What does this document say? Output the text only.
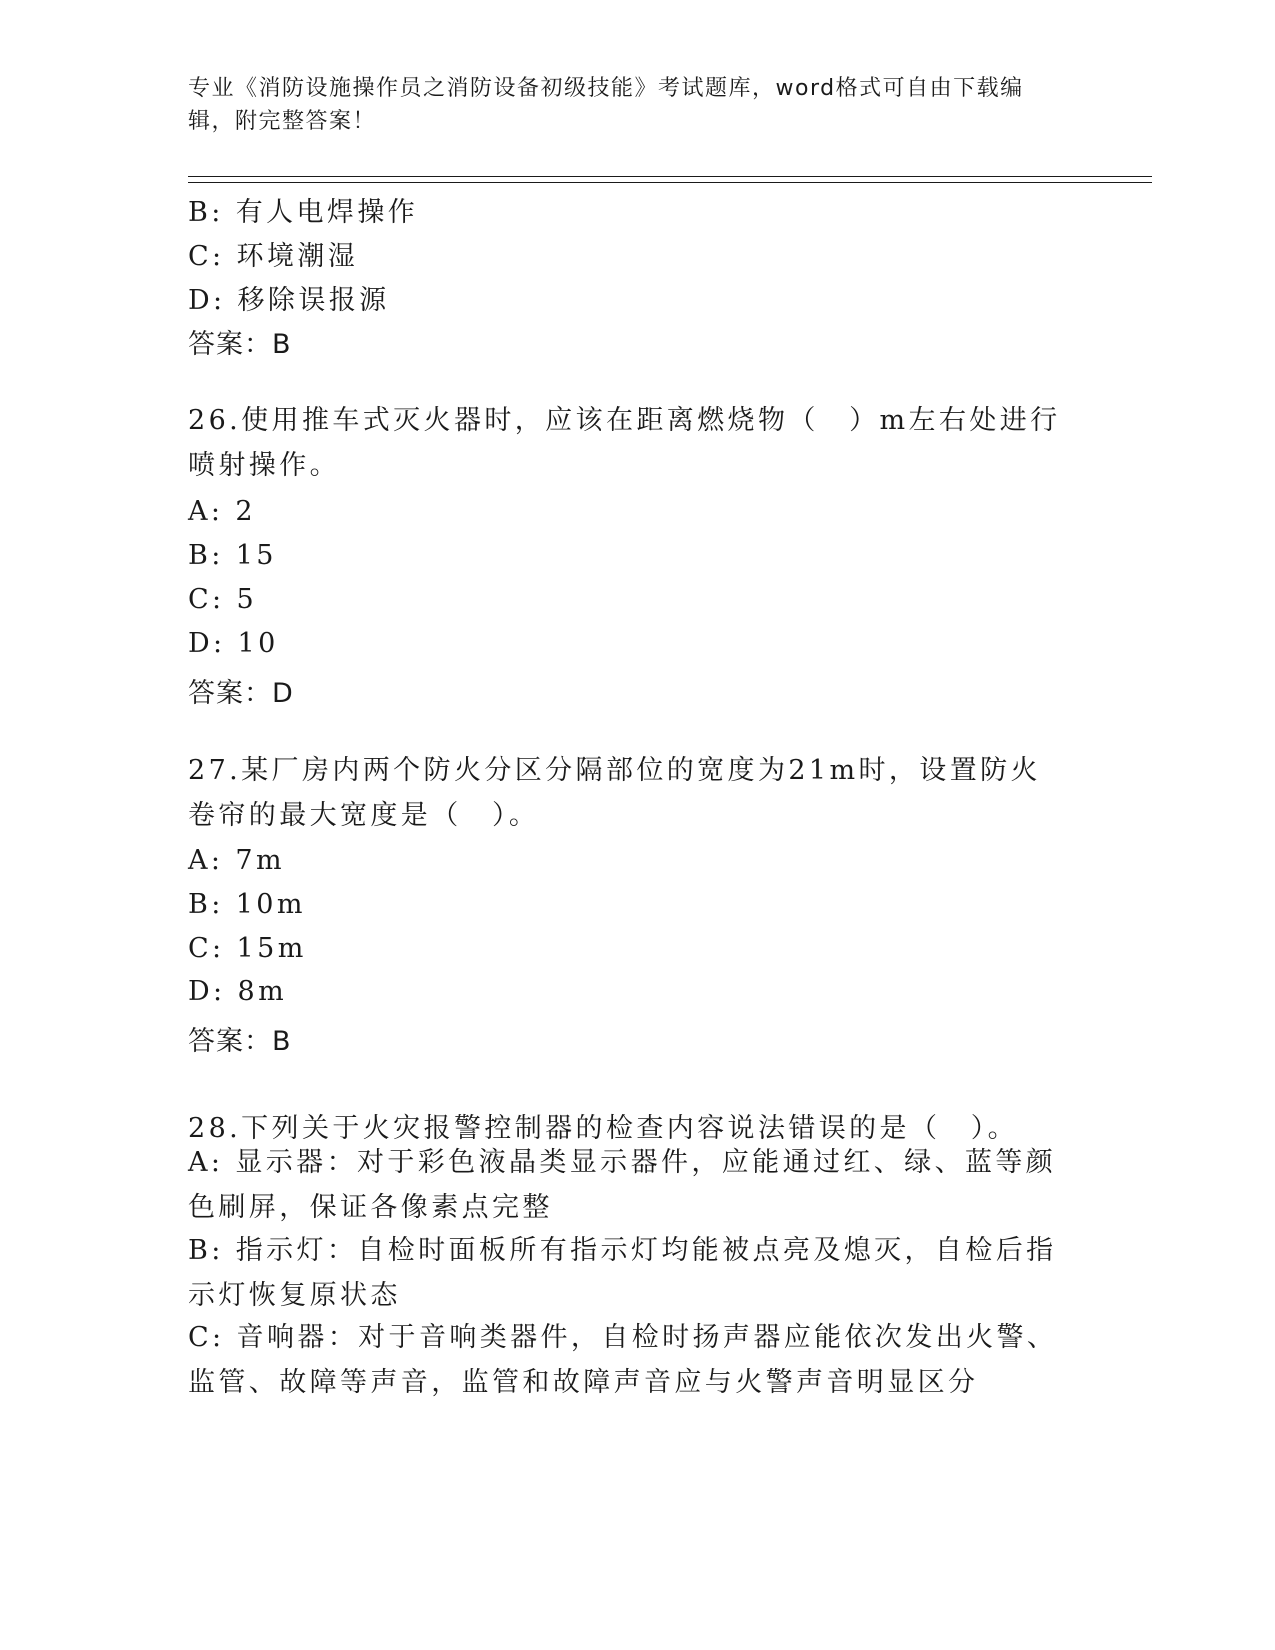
专业《消防设施操作员之消防设备初级技能》考试题库，word格式可自由下载编辑，附完整答案！
B: 有人电焊操作
C: 环境潮湿
D: 移除误报源
答案：B
26.使用推车式灭火器时，应该在距离燃烧物（　）m左右处进行喷射操作。
A: 2
B: 15
C: 5
D: 10
答案：D
27.某厂房内两个防火分区分隔部位的宽度为21m时，设置防火卷帘的最大宽度是（　）。
A: 7m
B: 10m
C: 15m
D: 8m
答案：B
28.下列关于火灾报警控制器的检查内容说法错误的是（　）。
A: 显示器：对于彩色液晶类显示器件，应能通过红、绿、蓝等颜色刷屏，保证各像素点完整
B: 指示灯：自检时面板所有指示灯均能被点亮及熄灭，自检后指示灯恢复原状态
C: 音响器：对于音响类器件，自检时扬声器应能依次发出火警、监管、故障等声音，监管和故障声音应与火警声音明显区分
